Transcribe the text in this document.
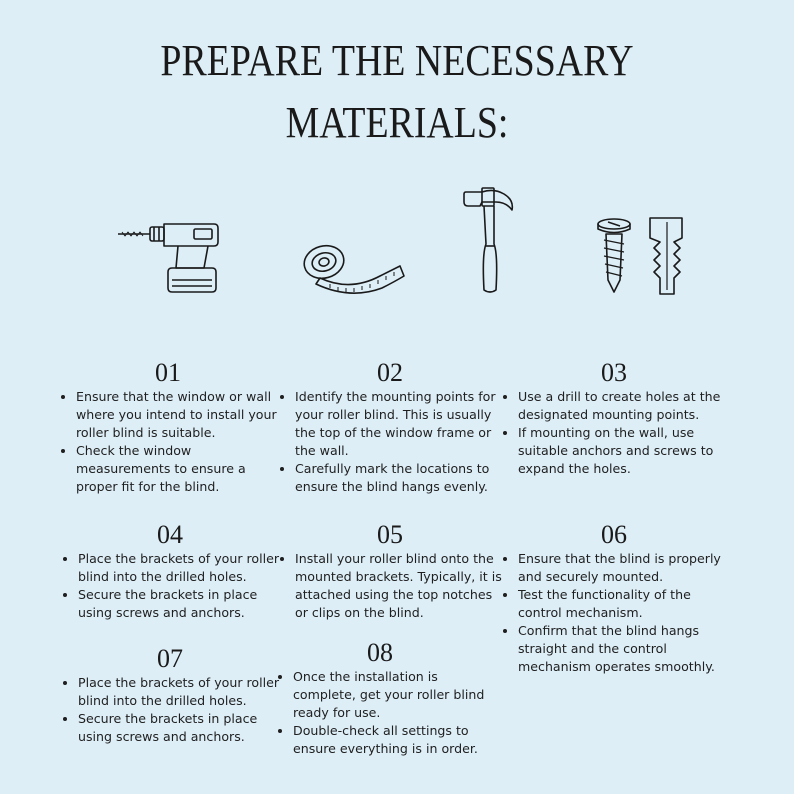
PREPARE THE NECESSARY
MATERIALS:
01
• Ensure that the window or wall where you intend to install your roller blind is suitable.
• Check the window measurements to ensure a proper fit for the blind.
02
• Identify the mounting points for your roller blind. This is usually the top of the window frame or the wall.
• Carefully mark the locations to ensure the blind hangs evenly.
03
• Use a drill to create holes at the designated mounting points.
• If mounting on the wall, use suitable anchors and screws to expand the holes.
04
• Place the brackets of your roller blind into the drilled holes.
• Secure the brackets in place using screws and anchors.
05
• Install your roller blind onto the mounted brackets. Typically, it is attached using the top notches or clips on the blind.
06
• Ensure that the blind is properly and securely mounted.
• Test the functionality of the control mechanism.
• Confirm that the blind hangs straight and the control mechanism operates smoothly.
07
• Place the brackets of your roller blind into the drilled holes.
• Secure the brackets in place using screws and anchors.
08
• Once the installation is complete, get your roller blind ready for use.
• Double-check all settings to ensure everything is in order.
